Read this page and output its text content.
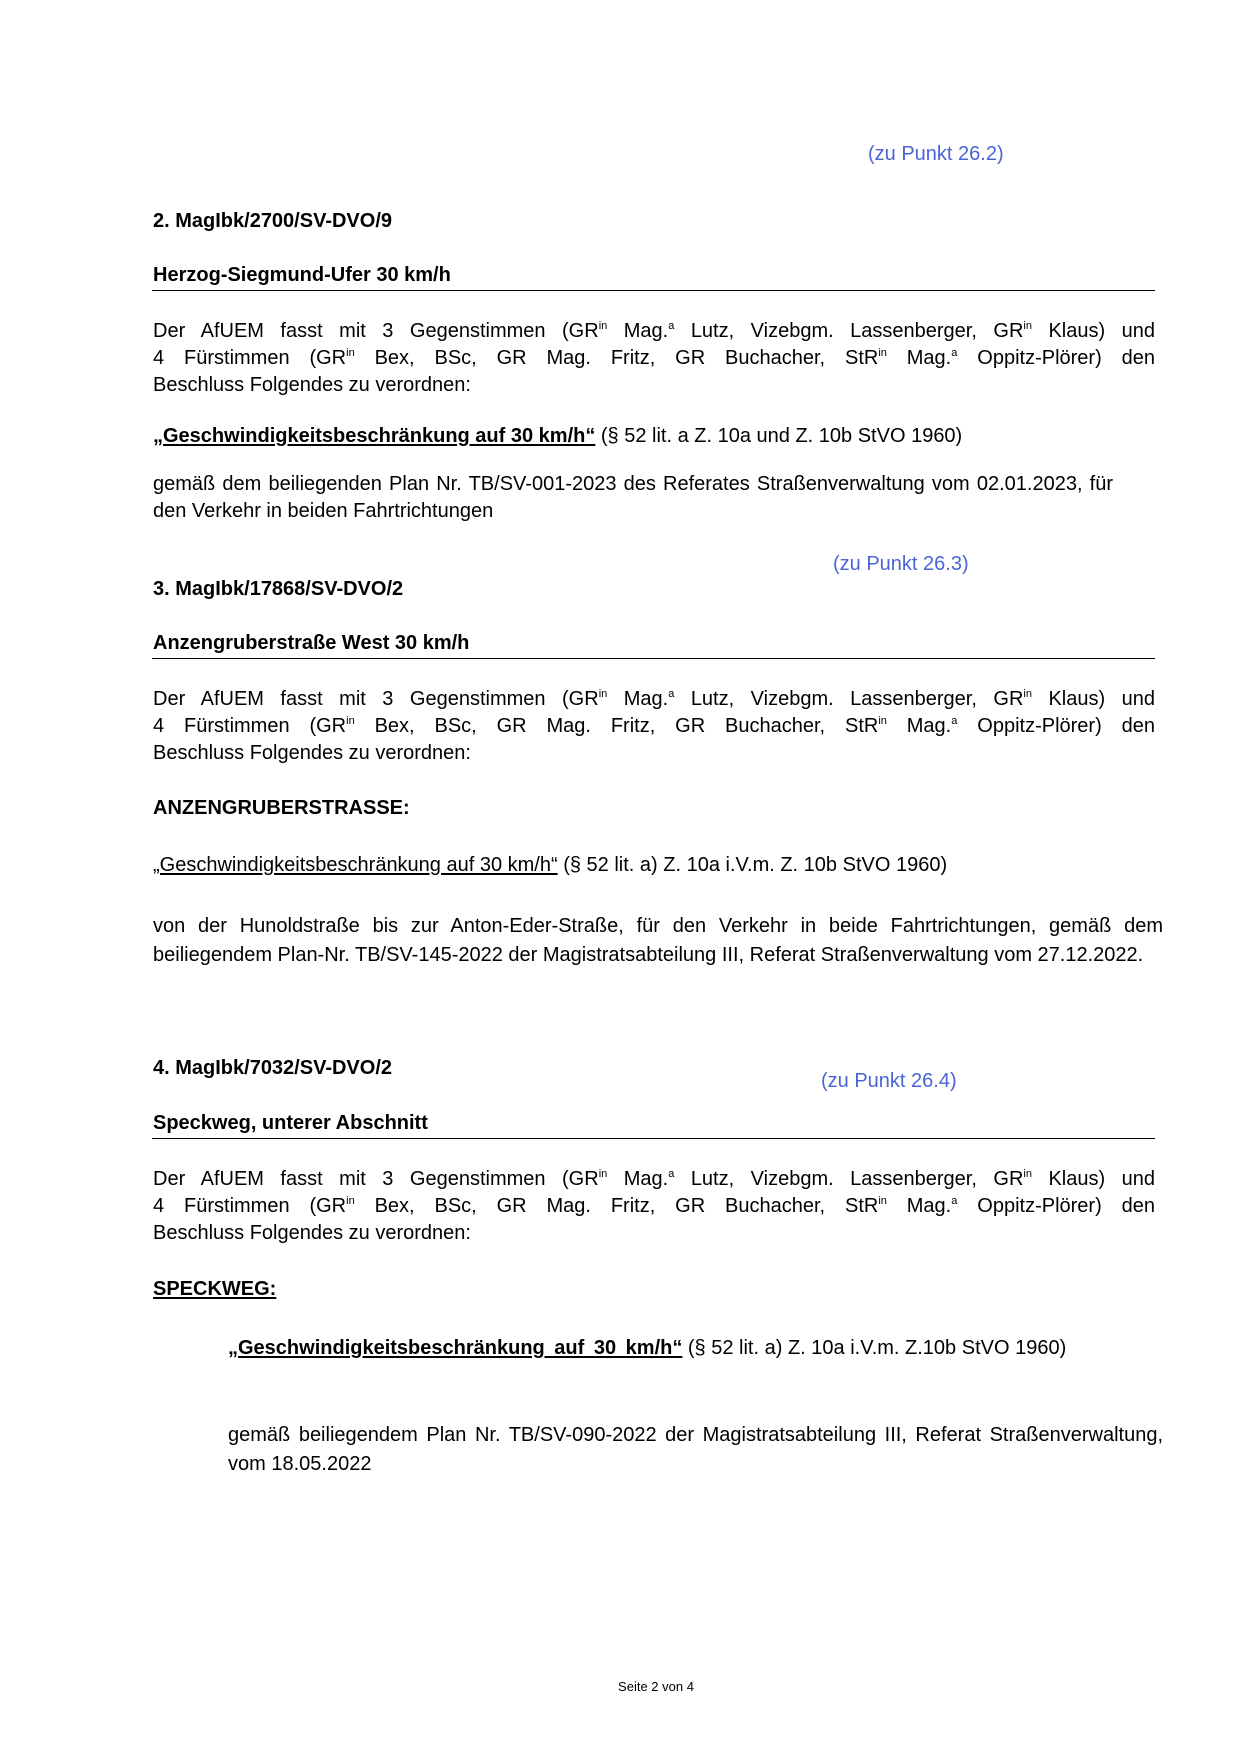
(zu Punkt 26.2)
2. MagIbk/2700/SV-DVO/9
Herzog-Siegmund-Ufer 30 km/h
Der AfUEM fasst mit 3 Gegenstimmen ($GR^{in}$ Mag.$^a$ Lutz, Vizebgm. Lassenberger, $GR^{in}$ Klaus) und
4 Fürstimmen ($GR^{in}$ Bex, BSc, GR Mag. Fritz, GR Buchacher, StR$^{in}$ Mag.$^a$ Oppitz-Plörer) den
Beschluss Folgendes zu verordnen:
„Geschwindigkeitsbeschränkung auf 30 km/h“ (§ 52 lit. a Z. 10a und Z. 10b StVO 1960)
gemäß dem beiliegenden Plan Nr. TB/SV-001-2023 des Referates Straßenverwaltung vom 02.01.2023, für den Verkehr in beiden Fahrtrichtungen
(zu Punkt 26.3)
3. MagIbk/17868/SV-DVO/2
Anzengruberstraße West 30 km/h
Der AfUEM fasst mit 3 Gegenstimmen ($GR^{in}$ Mag.$^a$ Lutz, Vizebgm. Lassenberger, $GR^{in}$ Klaus) und
4 Fürstimmen ($GR^{in}$ Bex, BSc, GR Mag. Fritz, GR Buchacher, StR$^{in}$ Mag.$^a$ Oppitz-Plörer) den
Beschluss Folgendes zu verordnen:
ANZENGRUBERSTRASSE:
„Geschwindigkeitsbeschränkung auf 30 km/h“ (§ 52 lit. a) Z. 10a i.V.m. Z. 10b StVO 1960)
von der Hunoldstraße bis zur Anton-Eder-Straße, für den Verkehr in beide Fahrtrichtungen, gemäß dem beiliegendem Plan-Nr. TB/SV-145-2022 der Magistratsabteilung III, Referat Straßenverwaltung vom 27.12.2022.
4. MagIbk/7032/SV-DVO/2
(zu Punkt 26.4)
Speckweg, unterer Abschnitt
Der AfUEM fasst mit 3 Gegenstimmen ($GR^{in}$ Mag.$^a$ Lutz, Vizebgm. Lassenberger, $GR^{in}$ Klaus) und
4 Fürstimmen ($GR^{in}$ Bex, BSc, GR Mag. Fritz, GR Buchacher, StR$^{in}$ Mag.$^a$ Oppitz-Plörer) den
Beschluss Folgendes zu verordnen:
SPECKWEG:
„Geschwindigkeitsbeschränkung auf 30 km/h“ (§ 52 lit. a) Z. 10a i.V.m. Z.10b StVO 1960)
gemäß beiliegendem Plan Nr. TB/SV-090-2022 der Magistratsabteilung III, Referat Straßenverwaltung, vom 18.05.2022
Seite 2 von 4
